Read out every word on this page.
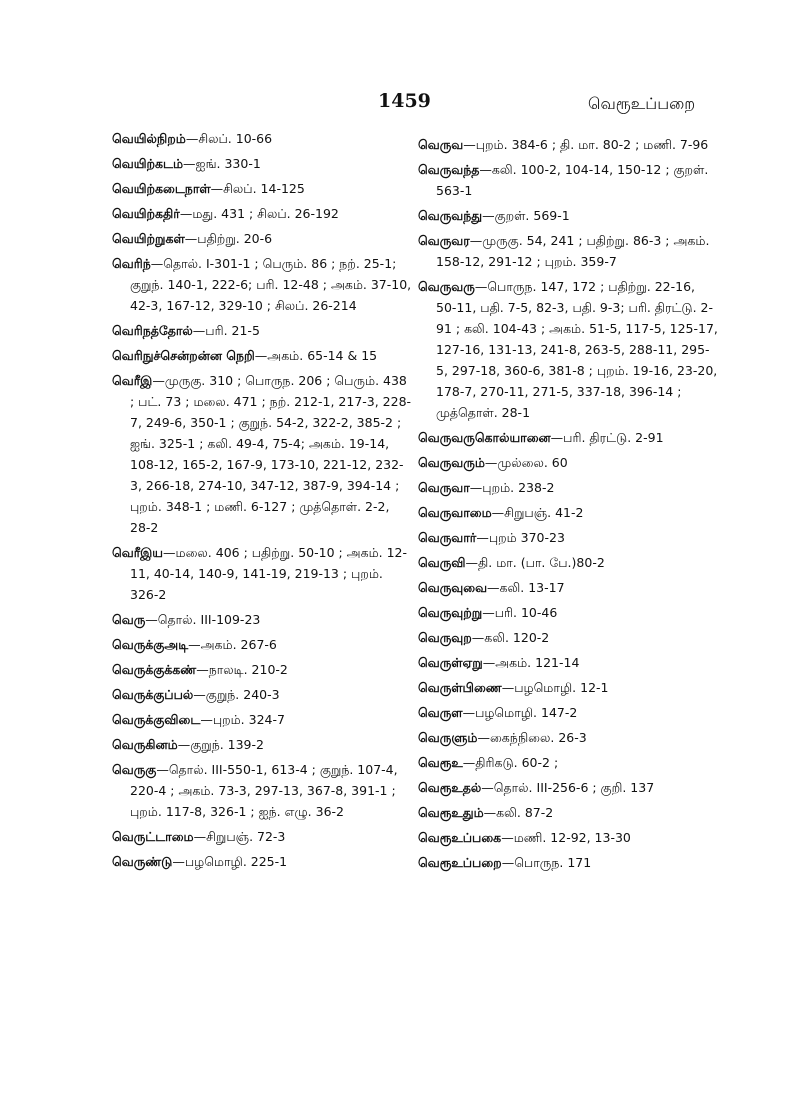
1459	வெரூஉப்பறை
வெயில்நிறம்—சிலப். 10-66
வெயிற்கடம்—ஐங். 330-1
வெயிற்கடைநாள்—சிலப். 14-125
வெயிற்கதிர்—மது. 431 ; சிலப். 26-192
வெயிற்றுகள்—பதிற்று. 20-6
வெரிந்—தொல். I-301-1 ; பெரும். 86 ; நற். 25-1; குறுந். 140-1, 222-6; பரி. 12-48 ; அகம். 37-10, 42-3, 167-12, 329-10 ; சிலப். 26-214
வெரிநத்தோல்—பரி. 21-5
வெரிநுச்சென்றன்ன நெறி—அகம். 65-14 & 15
வெரீஇ—முருகு. 310 ; பொருந. 206 ; பெரும். 438 ; பட். 73 ; மலை. 471 ; நற். 212-1, 217-3, 228-7, 249-6, 350-1 ; குறுந். 54-2, 322-2, 385-2 ; ஐங். 325-1 ; கலி. 49-4, 75-4; அகம். 19-14, 108-12, 165-2, 167-9, 173-10, 221-12, 232-3, 266-18, 274-10, 347-12, 387-9, 394-14 ; புறம். 348-1 ; மணி. 6-127 ; முத்தொள். 2-2, 28-2
வெரீஇய—மலை. 406 ; பதிற்று. 50-10 ; அகம். 12-11, 40-14, 140-9, 141-19, 219-13 ; புறம். 326-2
வெரு—தொல். III-109-23
வெருக்குஅடி—அகம். 267-6
வெருக்குக்கண்—நாலடி. 210-2
வெருக்குப்பல்—குறுந். 240-3
வெருக்குவிடை—புறம். 324-7
வெருகினம்—குறுந். 139-2
வெருகு—தொல். III-550-1, 613-4 ; குறுந். 107-4, 220-4 ; அகம். 73-3, 297-13, 367-8, 391-1 ; புறம். 117-8, 326-1 ; ஐந். எழு. 36-2
வெருட்டாமை—சிறுபஞ். 72-3
வெருண்டு—பழமொழி. 225-1
வெருவ—புறம். 384-6 ; தி. மா. 80-2 ; மணி. 7-96
வெருவந்த—கலி. 100-2, 104-14, 150-12 ; குறள். 563-1
வெருவந்து—குறள். 569-1
வெருவர—முருகு. 54, 241 ; பதிற்று. 86-3 ; அகம். 158-12, 291-12 ; புறம். 359-7
வெருவரு—பொருந. 147, 172 ; பதிற்று. 22-16, 50-11, பதி. 7-5, 82-3, பதி. 9-3; பரி. திரட்டு. 2-91 ; கலி. 104-43 ; அகம். 51-5, 117-5, 125-17, 127-16, 131-13, 241-8, 263-5, 288-11, 295-5, 297-18, 360-6, 381-8 ; புறம். 19-16, 23-20, 178-7, 270-11, 271-5, 337-18, 396-14 ; முத்தொள். 28-1
வெருவருகொல்யானை—பரி. திரட்டு. 2-91
வெருவரும்—முல்லை. 60
வெருவா—புறம். 238-2
வெருவாமை—சிறுபஞ். 41-2
வெருவார்—புறம் 370-23
வெருவி—தி. மா. (பா. பே.)80-2
வெருவுவை—கலி. 13-17
வெருவுற்று—பரி. 10-46
வெருவுற—கலி. 120-2
வெருள்ஏறு—அகம். 121-14
வெருள்பிணை—பழமொழி. 12-1
வெருள—பழமொழி. 147-2
வெருளும்—கைந்நிலை. 26-3
வெரூஉ—திரிகடு. 60-2 ;
வெரூஉதல்—தொல். III-256-6 ; குறி. 137
வெரூஉதும்—கலி. 87-2
வெரூஉப்பகை—மணி. 12-92, 13-30
வெரூஉப்பறை—பொருந. 171
